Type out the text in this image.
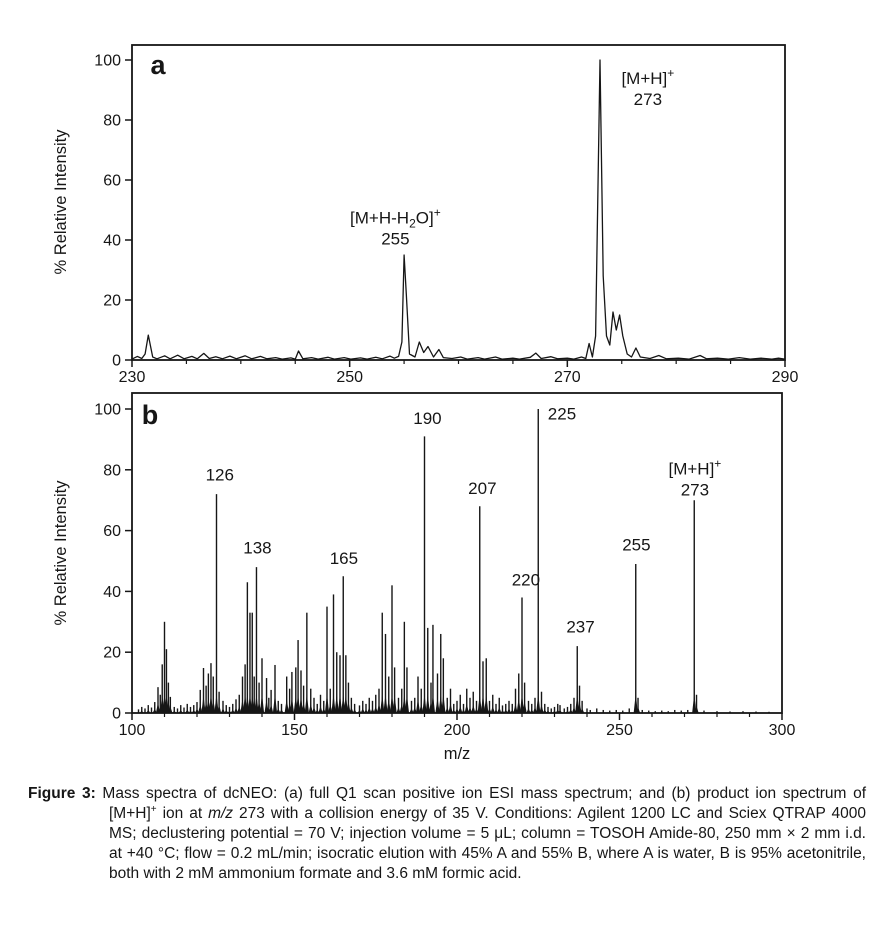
0
20
40
60
80
100
230	250	270	290
% Relative Intensity
a
$[M+H-H_2O]^+$
255
[M+H]+
273
0
20
40
60
80
100
100	150	200	250	300
% Relative Intensity
m/z
b
126
138
165
190
207
220
225
237
255
[M+H]+
273

Figure 3: Mass spectra of dcNEO: (a) full Q1 scan positive ion ESI mass spectrum; and (b) product ion spectrum of [M+H]+ ion at m/z 273 with a collision energy of 35 V. Conditions: Agilent 1200 LC and Sciex QTRAP 4000 MS; declustering potential = 70 V; injection volume = 5 μL; column = TOSOH Amide-80, 250 mm × 2 mm i.d. at +40 °C; flow = 0.2 mL/min; isocratic elution with 45% A and 55% B, where A is water, B is 95% acetonitrile, both with 2 mM ammonium formate and 3.6 mM formic acid.
